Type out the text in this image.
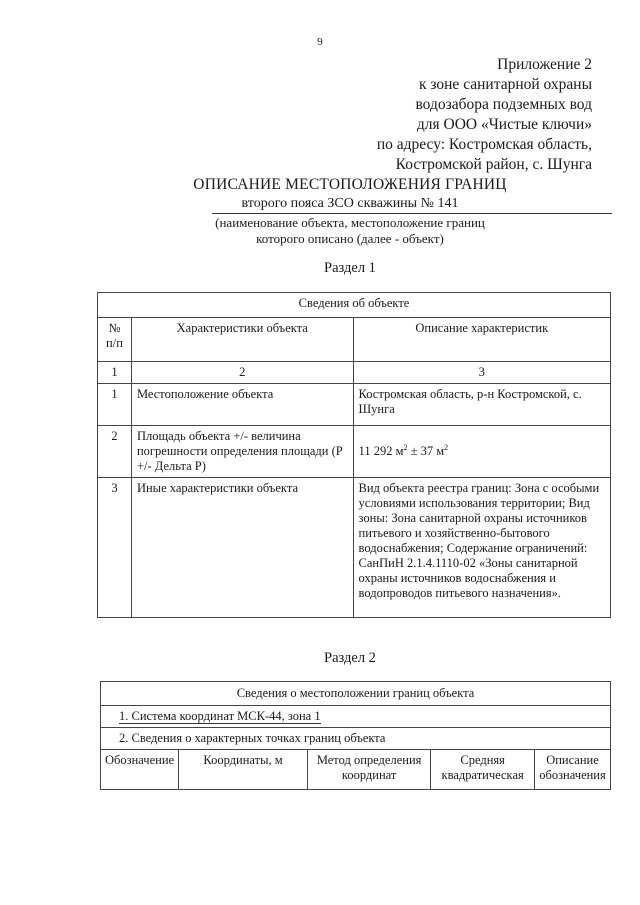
9
Приложение 2
к зоне санитарной охраны
водозабора подземных вод
для ООО «Чистые ключи»
по адресу: Костромская область,
Костромской район, с. Шунга
ОПИСАНИЕ МЕСТОПОЛОЖЕНИЯ ГРАНИЦ
второго пояса ЗСО скважины № 141
(наименование объекта, местоположение границ
которого описано (далее - объект)
Раздел 1
Сведения об объекте		
№ п/п	Характеристики объекта	Описание характеристик
1	2	3
1	Местоположение объекта	Костромская область, р-н Костромской, с. Шунга
2	Площадь объекта +/- величина погрешности определения площади (Р +/- Дельта Р)	11 292 $м^2 \pm 37$ $м^2$
3	Иные характеристики объекта	Вид объекта реестра границ: Зона с особыми условиями использования территории; Вид зоны: Зона санитарной охраны источников питьевого и хозяйственно-бытового водоснабжения; Содержание ограничений: СанПиН 2.1.4.1110-02 «Зоны санитарной охраны источников водоснабжения и водопроводов питьевого назначения».
Раздел 2
Сведения о местоположении границ объекта
1. Система координат МСК-44, зона 1
2. Сведения о характерных точках границ объекта
Обозначение	Координаты, м	Метод определения координат	Средняя квадратическая	Описание обозначения
